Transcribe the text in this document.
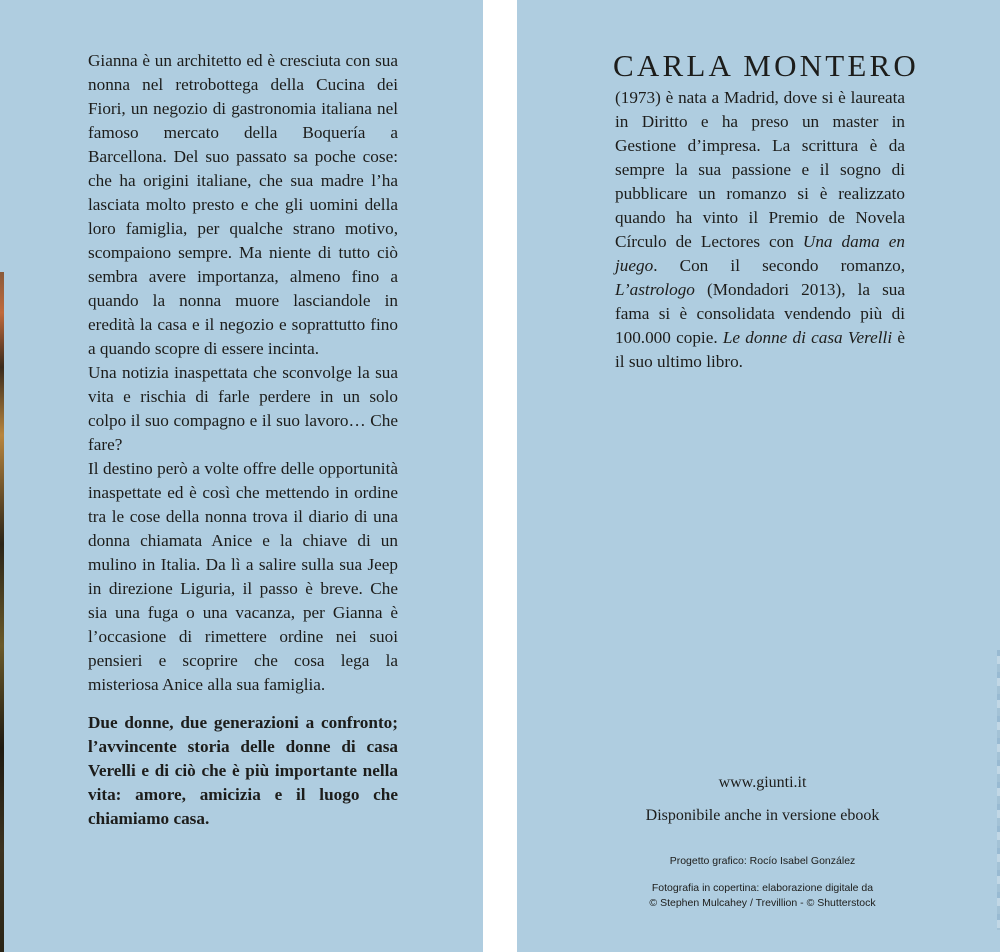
Gianna è un architetto ed è cresciuta con sua nonna nel retrobottega della Cucina dei Fiori, un negozio di gastronomia italiana nel famoso mercato della Boquería a Barcellona. Del suo passato sa poche cose: che ha origini italiane, che sua madre l’ha lasciata molto presto e che gli uomini della loro famiglia, per qualche strano motivo, scompaiono sempre. Ma niente di tutto ciò sembra avere importanza, almeno fino a quando la nonna muore lasciandole in eredità la casa e il negozio e soprattutto fino a quando scopre di essere incinta.

Una notizia inaspettata che sconvolge la sua vita e rischia di farle perdere in un solo colpo il suo compagno e il suo lavoro… Che fare?

Il destino però a volte offre delle opportunità inaspettate ed è così che mettendo in ordine tra le cose della nonna trova il diario di una donna chiamata Anice e la chiave di un mulino in Italia. Da lì a salire sulla sua Jeep in direzione Liguria, il passo è breve. Che sia una fuga o una vacanza, per Gianna è l’occasione di rimettere ordine nei suoi pensieri e scoprire che cosa lega la misteriosa Anice alla sua famiglia.

Due donne, due generazioni a confronto; l’avvincente storia delle donne di casa Verelli e di ciò che è più importante nella vita: amore, amicizia e il luogo che chiamiamo casa.

CARLA MONTERO

(1973) è nata a Madrid, dove si è laureata in Diritto e ha preso un master in Gestione d’impresa. La scrittura è da sempre la sua passione e il sogno di pubblicare un romanzo si è realizzato quando ha vinto il Premio de Novela Círculo de Lectores con Una dama en juego. Con il secondo romanzo, L’astrologo (Mondadori 2013), la sua fama si è consolidata vendendo più di 100.000 copie. Le donne di casa Verelli è il suo ultimo libro.

www.giunti.it
Disponibile anche in versione ebook
Progetto grafico: Rocío Isabel González
Fotografia in copertina: elaborazione digitale da
© Stephen Mulcahey / Trevillion - © Shutterstock
